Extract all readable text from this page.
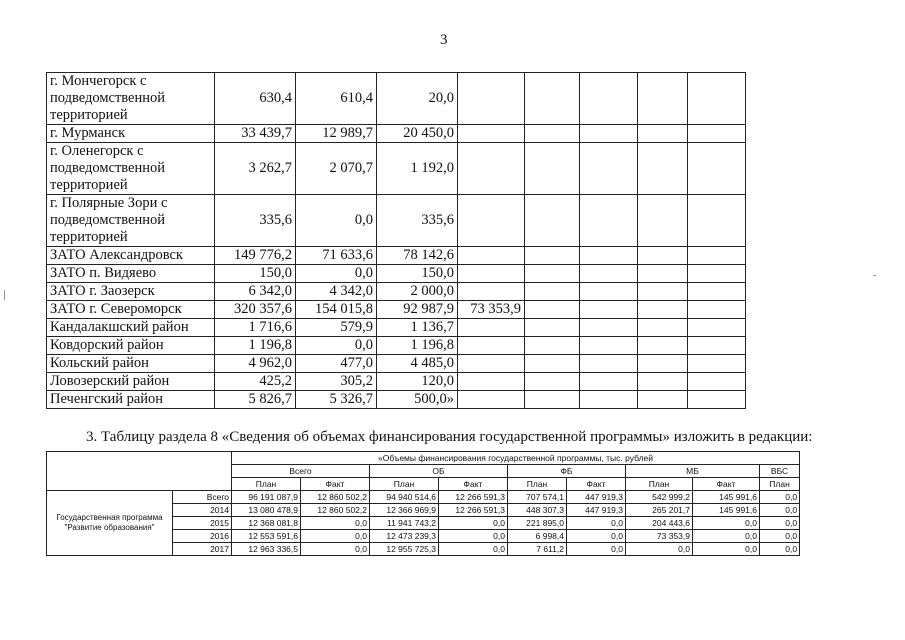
3
г. Мончегорск с подведомственной территорией	630,4	610,4	20,0					
г. Мурманск	33 439,7	12 989,7	20 450,0					
г. Оленегорск с подведомственной территорией	3 262,7	2 070,7	1 192,0					
г. Полярные Зори с подведомственной территорией	335,6	0,0	335,6					
ЗАТО Александровск	149 776,2	71 633,6	78 142,6					
ЗАТО п. Видяево	150,0	0,0	150,0					
ЗАТО г. Заозерск	6 342,0	4 342,0	2 000,0					
ЗАТО г. Североморск	320 357,6	154 015,8	92 987,9	73 353,9				
Кандалакшский район	1 716,6	579,9	1 136,7					
Ковдорский район	1 196,8	0,0	1 196,8					
Кольский район	4 962,0	477,0	4 485,0					
Ловозерский район	425,2	305,2	120,0					
Печенгский район	5 826,7	5 326,7	500,0»					
3. Таблицу раздела 8 «Сведения об объемах финансирования государственной программы» изложить в редакции:
		«Объемы финансирования государственной программы, тыс. рублей								
		Всего		ОБ		ФБ		МБ		ВБС
		План	Факт	План	Факт	План	Факт	План	Факт	План
Государственная программа "Развитие образования"	Всего	96 191 087,9	12 860 502,2	94 940 514,6	12 266 591,3	707 574,1	447 919,3	542 999,2	145 991,6	0,0
	2014	13 080 478,9	12 860 502,2	12 366 969,9	12 266 591,3	448 307,3	447 919,3	265 201,7	145 991,6	0,0
	2015	12 368 081,8	0,0	11 941 743,2	0,0	221 895,0	0,0	204 443,6	0,0	0,0
	2016	12 553 591,6	0,0	12 473 239,3	0,0	6 998,4	0,0	73 353,9	0,0	0,0
	2017	12 963 336,5	0,0	12 955 725,3	0,0	7 611,2	0,0	0,0	0,0	0,0
